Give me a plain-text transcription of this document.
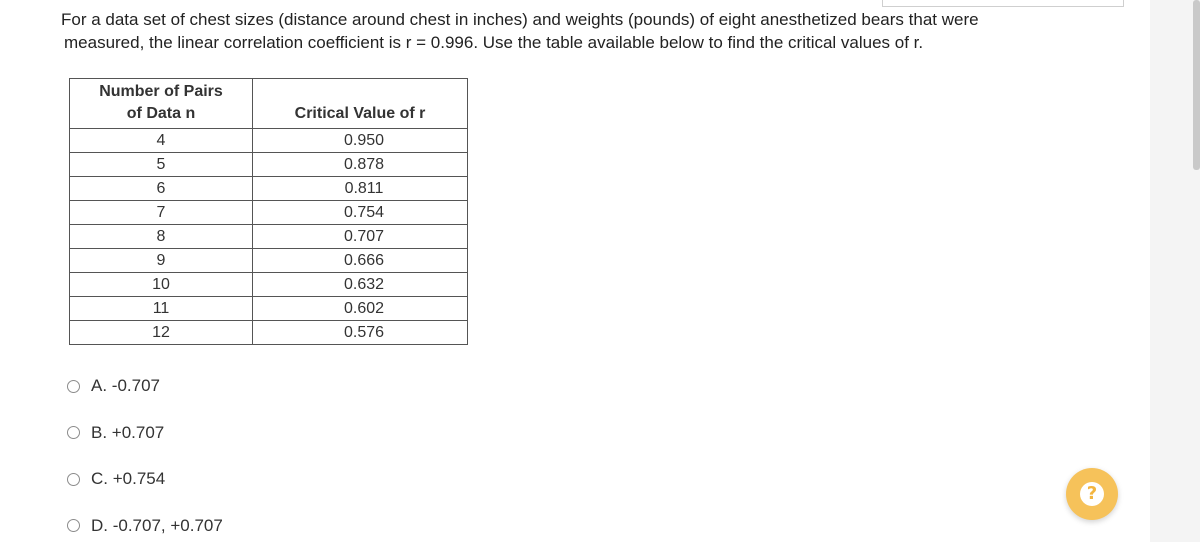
For a data set of chest sizes (distance around chest in inches) and weights (pounds) of eight anesthetized bears that were

measured, the linear correlation coefficient is r = 0.996. Use the table available below to find the critical values of r.

Number of Pairs
of Data n	Critical Value of r
4	0.950
5	0.878
6	0.811
7	0.754
8	0.707
9	0.666
10	0.632
11	0.602
12	0.576
A. -0.707
B. +0.707
C. +0.754
D. -0.707, +0.707
?
